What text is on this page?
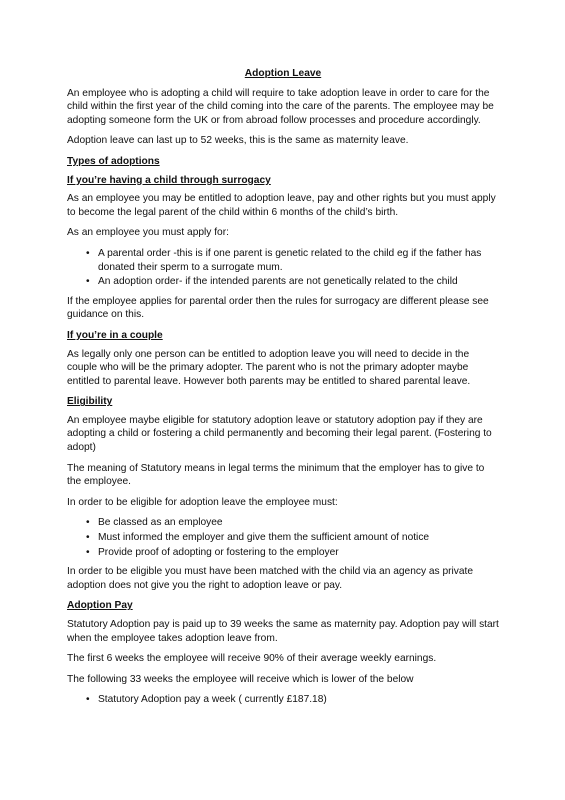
Adoption Leave

An employee who is adopting a child will require to take adoption leave in order to care for the child within the first year of the child coming into the care of the parents. The employee may be adopting someone form the UK or from abroad follow processes and procedure accordingly.

Adoption leave can last up to 52 weeks, this is the same as maternity leave.

Types of adoptions
If you’re having a child through surrogacy

As an employee you may be entitled to adoption leave, pay and other rights but you must apply to become the legal parent of the child within 6 months of the child’s birth.

As an employee you must apply for:

• A parental order -this is if one parent is genetic related to the child eg if the father has donated their sperm to a surrogate mum.
• An adoption order- if the intended parents are not genetically related to the child

If the employee applies for parental order then the rules for surrogacy are different please see guidance on this.

If you’re in a couple

As legally only one person can be entitled to adoption leave you will need to decide in the couple who will be the primary adopter. The parent who is not the primary adopter maybe entitled to parental leave. However both parents may be entitled to shared parental leave.

Eligibility

An employee maybe eligible for statutory adoption leave or statutory adoption pay if they are adopting a child or fostering a child permanently and becoming their legal parent. (Fostering to adopt)

The meaning of Statutory means in legal terms the minimum that the employer has to give to the employee.

In order to be eligible for adoption leave the employee must:

• Be classed as an employee
• Must informed the employer and give them the sufficient amount of notice
• Provide proof of adopting or fostering to the employer

In order to be eligible you must have been matched with the child via an agency as private adoption does not give you the right to adoption leave or pay.

Adoption Pay

Statutory Adoption pay is paid up to 39 weeks the same as maternity pay. Adoption pay will start when the employee takes adoption leave from.

The first 6 weeks the employee will receive 90% of their average weekly earnings.

The following 33 weeks the employee will receive which is lower of the below

• Statutory Adoption pay a week ( currently £187.18)
